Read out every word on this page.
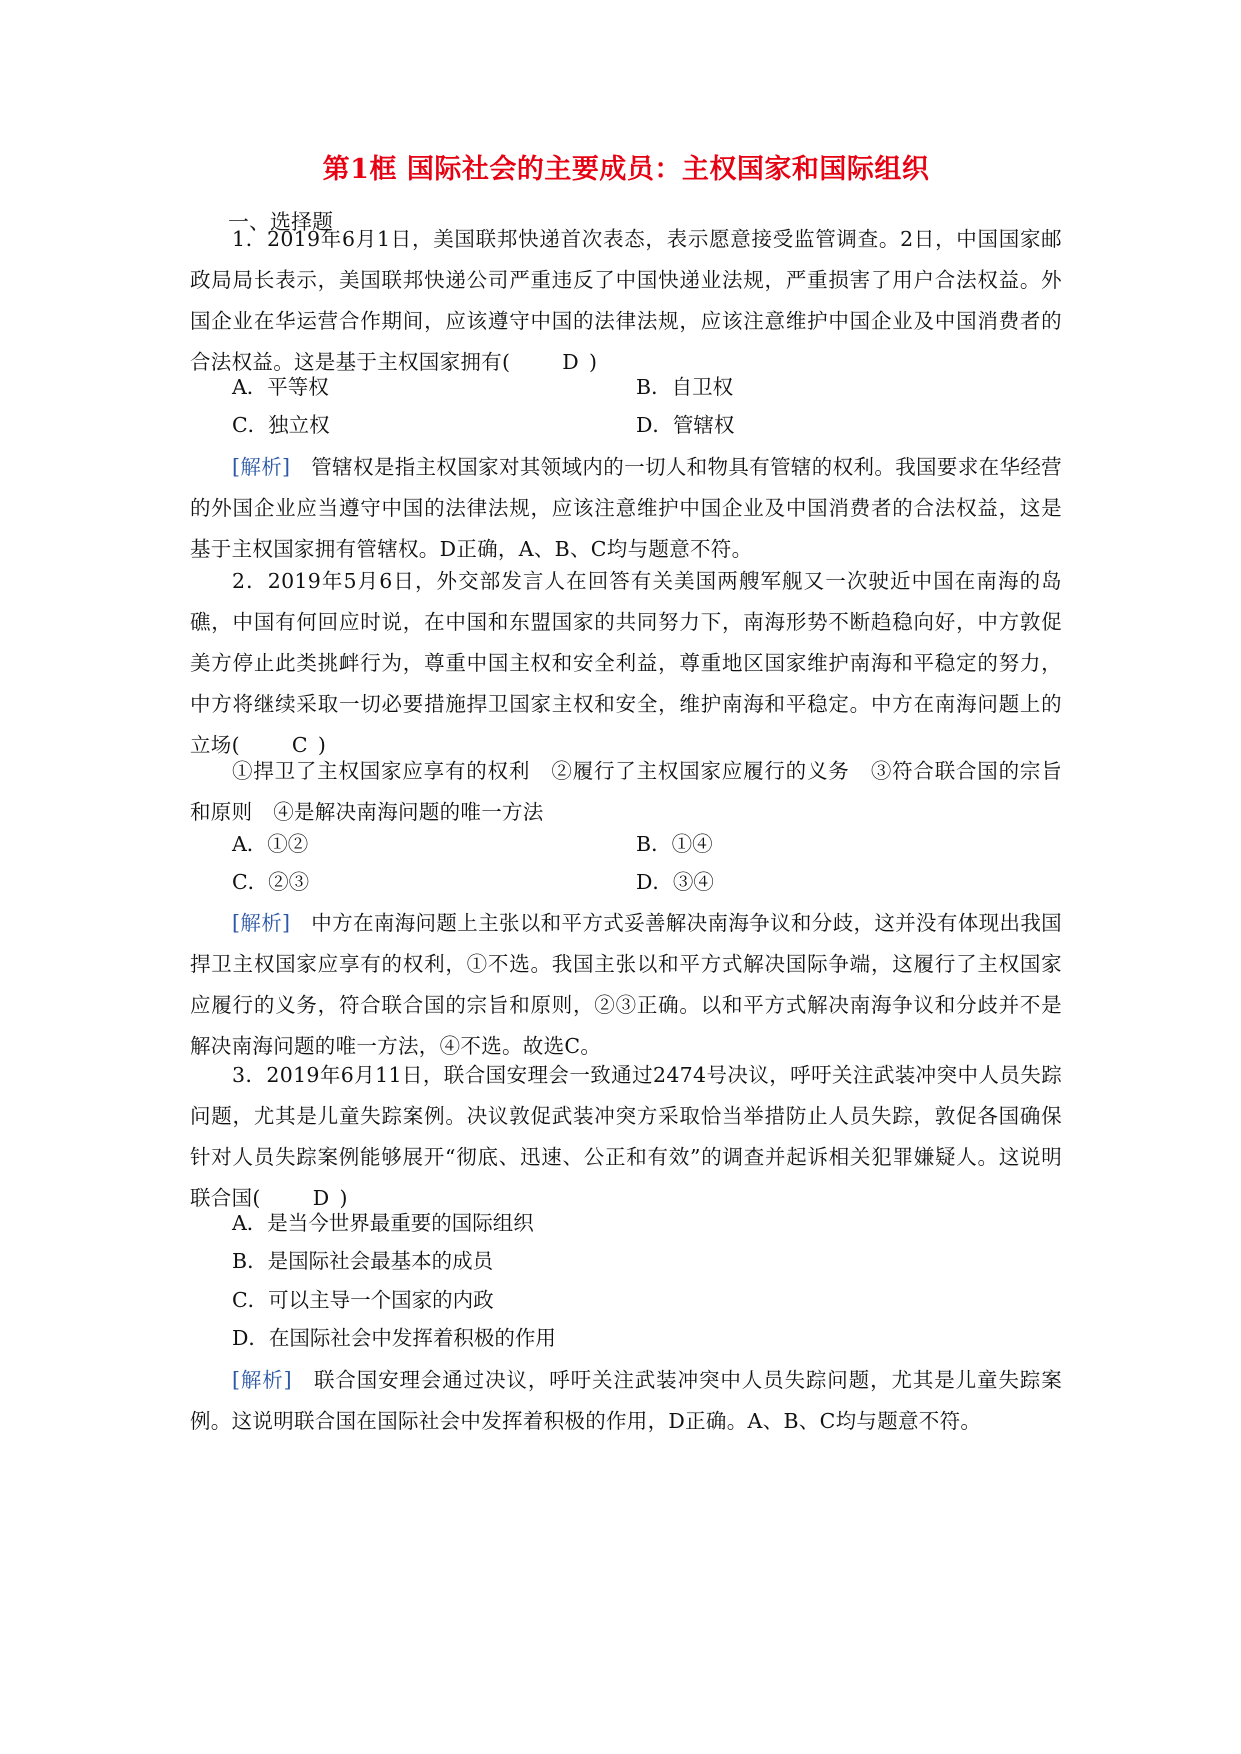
第1框 国际社会的主要成员：主权国家和国际组织
一、选择题
1．2019年6月1日，美国联邦快递首次表态，表示愿意接受监管调查。2日，中国国家邮政局局长表示，美国联邦快递公司严重违反了中国快递业法规，严重损害了用户合法权益。外国企业在华运营合作期间，应该遵守中国的法律法规，应该注意维护中国企业及中国消费者的合法权益。这是基于主权国家拥有(	D )
A．平等权	B．自卫权
C．独立权	D．管辖权
[解析]　 管辖权是指主权国家对其领域内的一切人和物具有管辖的权利。我国要求在华经营的外国企业应当遵守中国的法律法规，应该注意维护中国企业及中国消费者的合法权益，这是基于主权国家拥有管辖权。D正确，A、B、C均与题意不符。
2．2019年5月6日，外交部发言人在回答有关美国两艘军舰又一次驶近中国在南海的岛礁，中国有何回应时说，在中国和东盟国家的共同努力下，南海形势不断趋稳向好，中方敦促美方停止此类挑衅行为，尊重中国主权和安全利益，尊重地区国家维护南海和平稳定的努力，中方将继续采取一切必要措施捍卫国家主权和安全，维护南海和平稳定。中方在南海问题上的立场(	C )
①捍卫了主权国家应享有的权利　②履行了主权国家应履行的义务　③符合联合国的宗旨和原则　④是解决南海问题的唯一方法
A．①②	B．①④
C．②③	D．③④
[解析]　 中方在南海问题上主张以和平方式妥善解决南海争议和分歧，这并没有体现出我国捍卫主权国家应享有的权利，①不选。我国主张以和平方式解决国际争端，这履行了主权国家应履行的义务，符合联合国的宗旨和原则，②③正确。以和平方式解决南海争议和分歧并不是解决南海问题的唯一方法，④不选。故选C。
3．2019年6月11日，联合国安理会一致通过2474号决议，呼吁关注武装冲突中人员失踪问题，尤其是儿童失踪案例。决议敦促武装冲突方采取恰当举措防止人员失踪，敦促各国确保针对人员失踪案例能够展开“彻底、迅速、公正和有效”的调查并起诉相关犯罪嫌疑人。这说明联合国(	D )
A．是当今世界最重要的国际组织
B．是国际社会最基本的成员
C．可以主导一个国家的内政
D．在国际社会中发挥着积极的作用
[解析]　 联合国安理会通过决议，呼吁关注武装冲突中人员失踪问题，尤其是儿童失踪案例。这说明联合国在国际社会中发挥着积极的作用，D正确。A、B、C均与题意不符。
